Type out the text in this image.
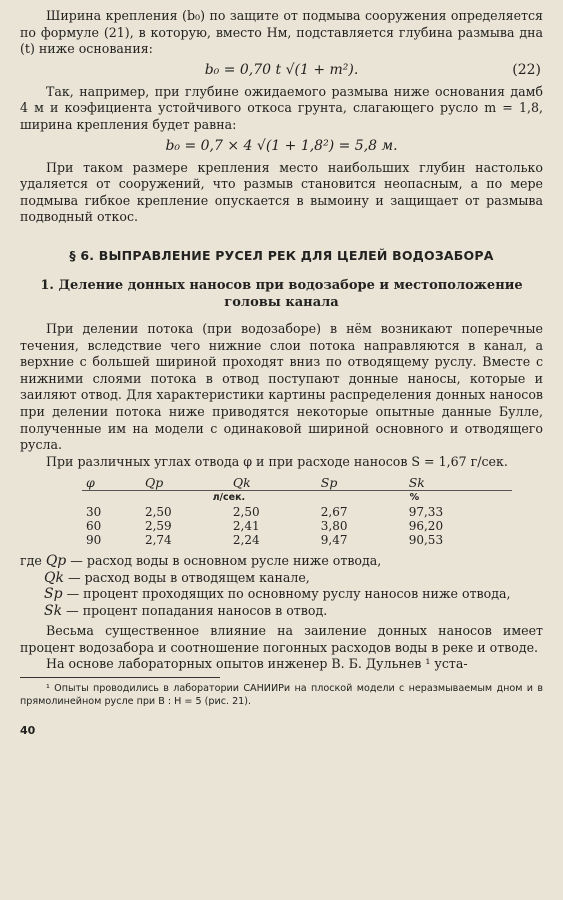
Ширина крепления (b₀) по защите от подмыва сооружения определяется по формуле (21), в которую, вместо Hм, подставляется глубина размыва дна (t) ниже основания:

b₀ = 0,70 t √(1 + m²).	(22)

Так, например, при глубине ожидаемого размыва ниже основания дамб 4 м и коэфициента устойчивого откоса грунта, слагающего русло m = 1,8, ширина крепления будет равна:

b₀ = 0,7 × 4 √(1 + 1,8²) = 5,8 м.

При таком размере крепления место наибольших глубин настолько удаляется от сооружений, что размыв становится неопасным, а по мере подмыва гибкое крепление опускается в вымоину и защищает от размыва подводный откос.

§ 6. ВЫПРАВЛЕНИЕ РУСЕЛ РЕК ДЛЯ ЦЕЛЕЙ ВОДОЗАБОРА
1. Деление донных наносов при водозаборе и местоположение головы канала

При делении потока (при водозаборе) в нём возникают поперечные течения, вследствие чего нижние слои потока направляются в канал, а верхние с большей шириной проходят вниз по отводящему руслу. Вместе с нижними слоями потока в отвод поступают донные наносы, которые и заиляют отвод. Для характеристики картины распределения донных наносов при делении потока ниже приводятся некоторые опытные данные Булле, полученные им на модели с одинаковой шириной основного и отводящего русла.

При различных углах отвода φ и при расходе наносов S = 1,67 г/сек.

φ	Qp	Qk	Sp	Sk
	л/сек.		%	
30	2,50	2,50	2,67	97,33
60	2,59	2,41	3,80	96,20
90	2,74	2,24	9,47	90,53
где Qp — расход воды в основном русле ниже отвода,
Qk — расход воды в отводящем канале,
Sp — процент проходящих по основному руслу наносов ниже отвода,
Sk — процент попадания наносов в отвод.

Весьма существенное влияние на заиление донных наносов имеет процент водозабора и соотношение погонных расходов воды в реке и отводе.

На основе лабораторных опытов инженер В. Б. Дульнев ¹ уста-

¹ Опыты проводились в лаборатории САНИИРи на плоской модели с неразмываемым дном и в прямолинейном русле при B : H = 5 (рис. 21).

40
